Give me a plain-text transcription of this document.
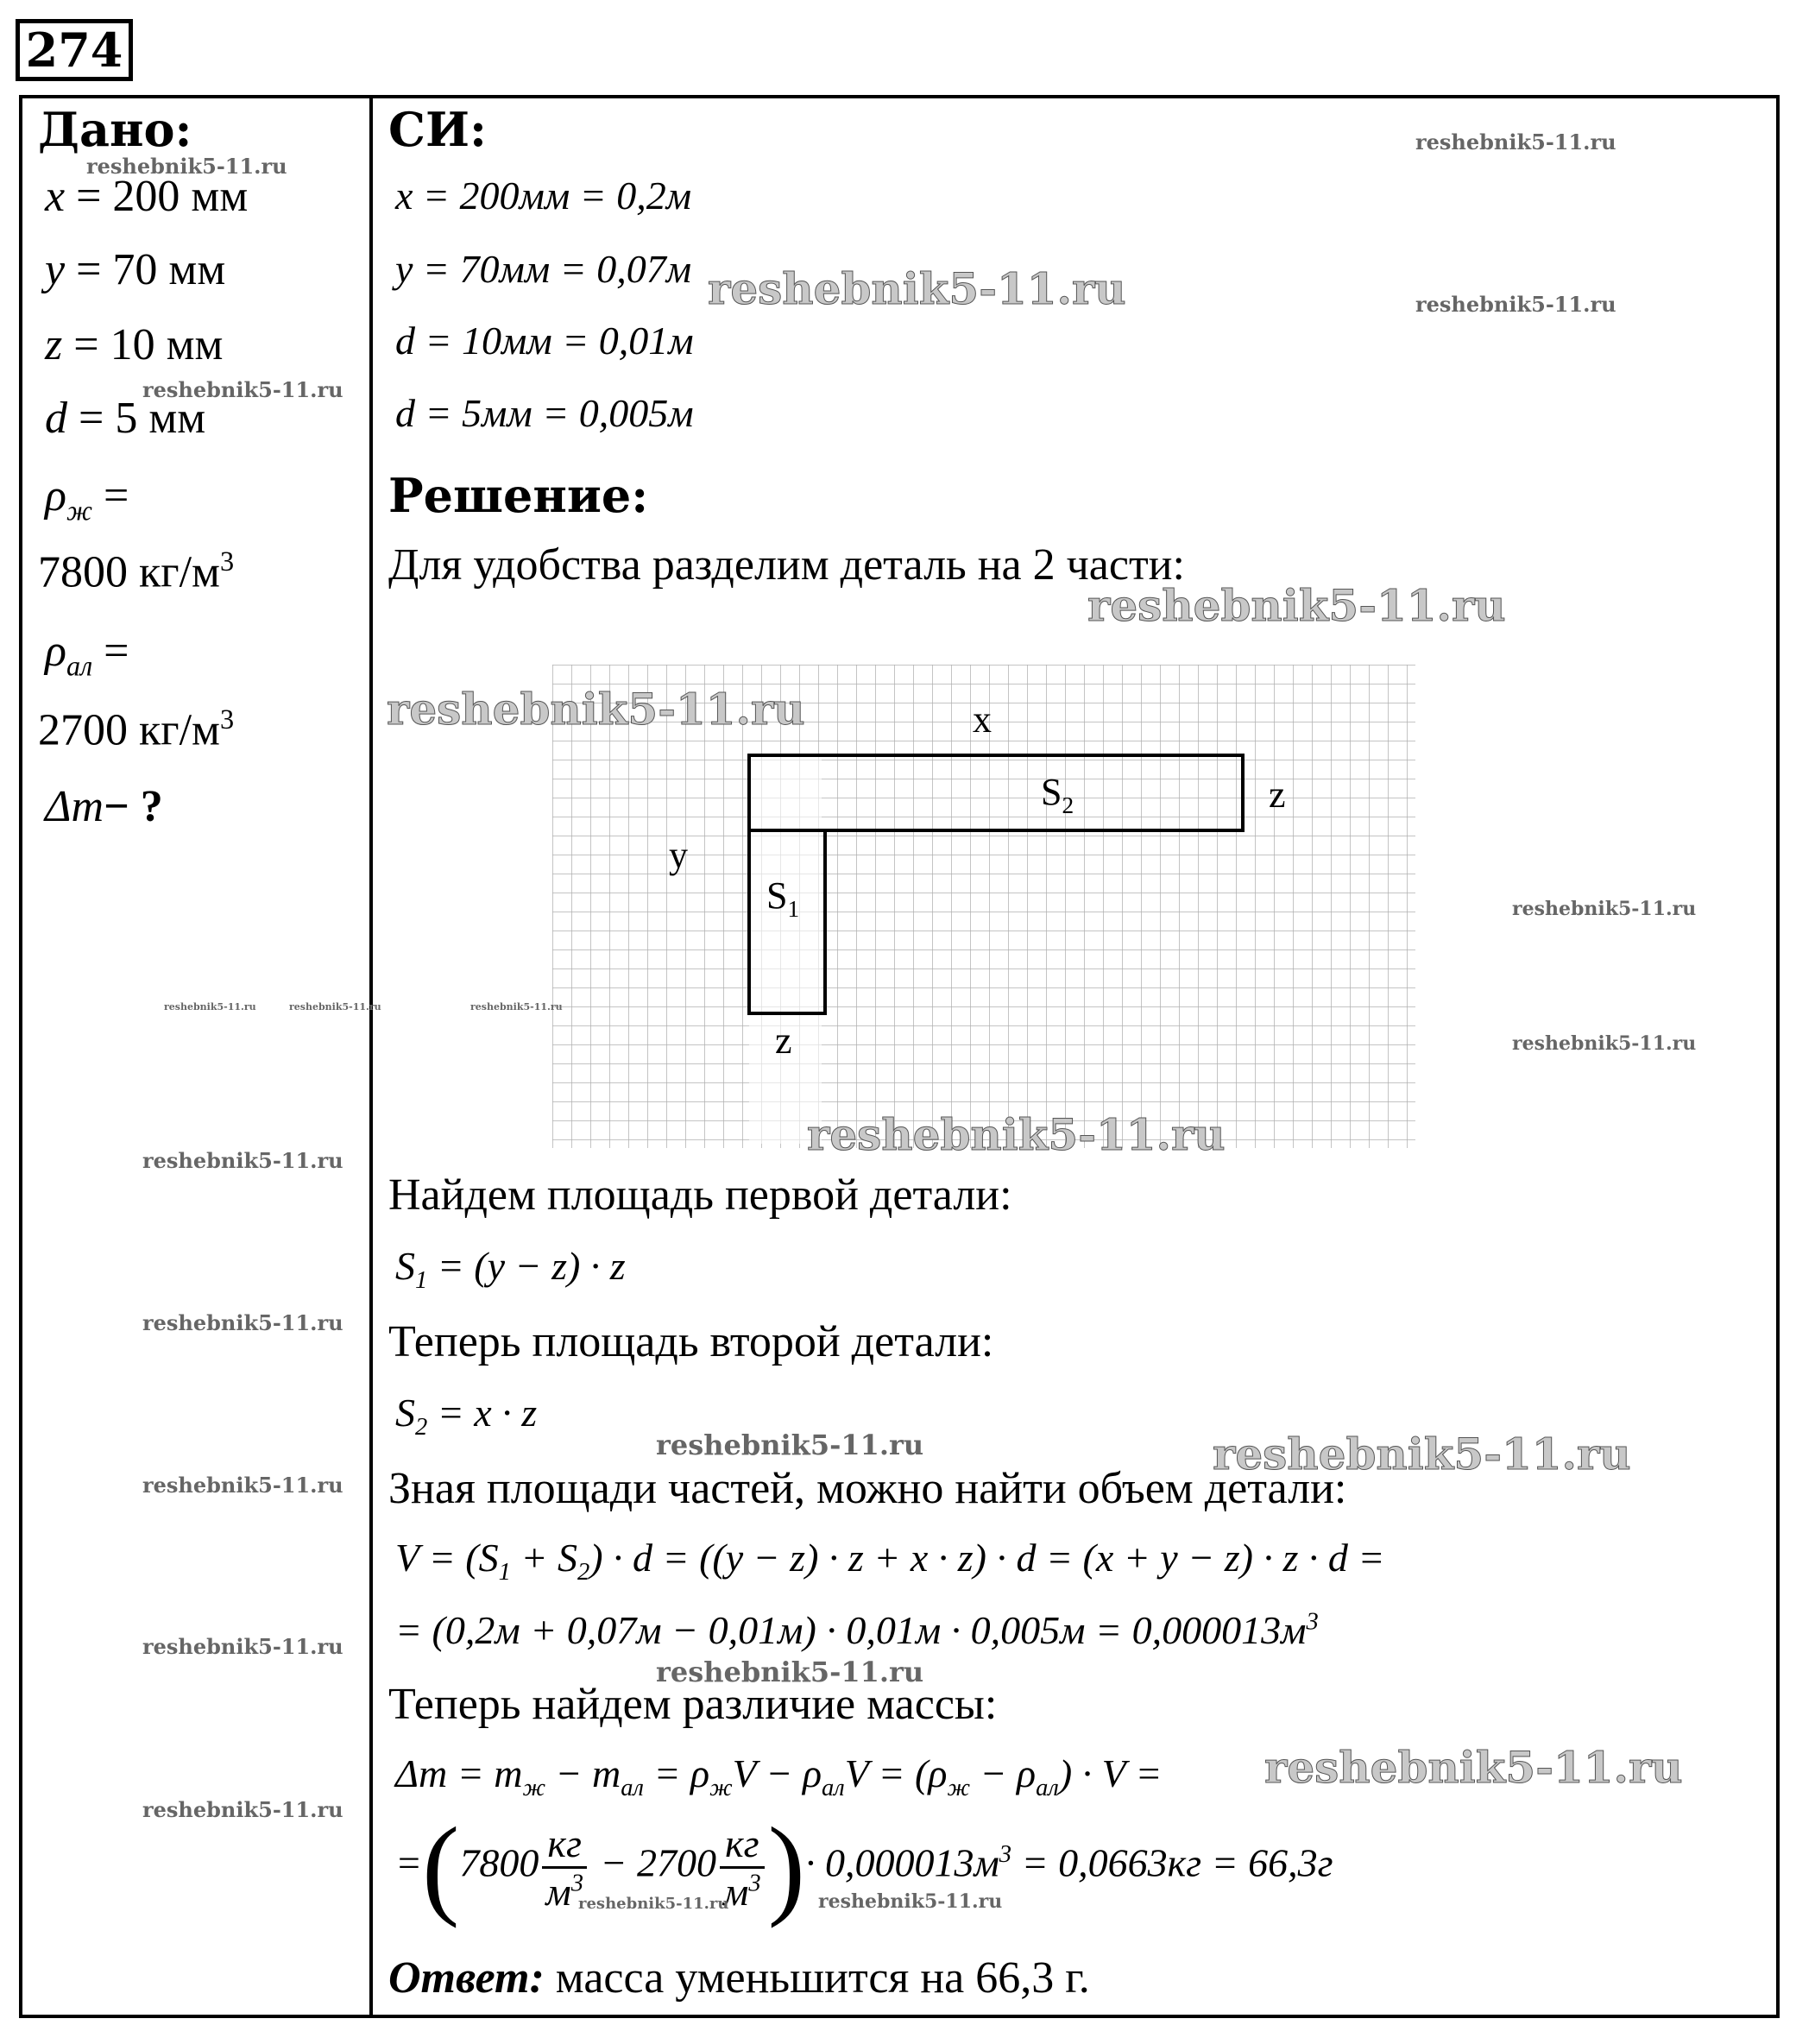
274
Дано:
x = 200 мм
y = 70 мм
z = 10 мм
d = 5 мм
$\rho_ж$ =
7800 $кг/м^3$
$\rho_{ал}$ =
2700 $кг/м^3$
Δm− ?
СИ:
x = 200мм = 0,2м
y = 70мм = 0,07м
d = 10мм = 0,01м
d = 5мм = 0,005м
Решение:
Для удобства разделим деталь на 2 части:
x
z
y
z
$S_2$
$S_1$
Найдем площадь первой детали:
$S_1 = (y - z) \cdot z$
Теперь площадь второй детали:
$S_2 = x \cdot z$
Зная площади частей, можно найти объем детали:
$V = (S_1 + S_2) \cdot d = ((y - z) \cdot z + x \cdot z) \cdot d = (x + y - z) \cdot z \cdot d$ =
= $(0,2м + 0,07м - 0,01м) \cdot 0,01м \cdot 0,005м = 0,000013м^3$
Теперь найдем различие массы:
$\Delta m = m_ж - m_{ал} = \rho_жV - \rho_{ал}V = (\rho_ж - \rho_{ал}) \cdot V$ =
$=(7800 \frac{кг}{м^3} - 2700 \frac{кг}{м^3}$ )· $0,000013м^3 = 0,0663кг = 66,3г$
Ответ: масса уменьшится на 66,3 г.
reshebnik5-11.ru
reshebnik5-11.ru
reshebnik5-11.ru
reshebnik5-11.ru
reshebnik5-11.ru
reshebnik5-11.ru
reshebnik5-11.ru
reshebnik5-11.ru
reshebnik5-11.ru
reshebnik5-11.ru
reshebnik5-11.ru
reshebnik5-11.ru
reshebnik5-11.ru
reshebnik5-11.ru
reshebnik5-11.ru
reshebnik5-11.ru
reshebnik5-11.ru
reshebnik5-11.ru
reshebnik5-11.ru
reshebnik5-11.ru
reshebnik5-11.ru
reshebnik5-11.ru	reshebnik5-11.ru	reshebnik5-11.ru
